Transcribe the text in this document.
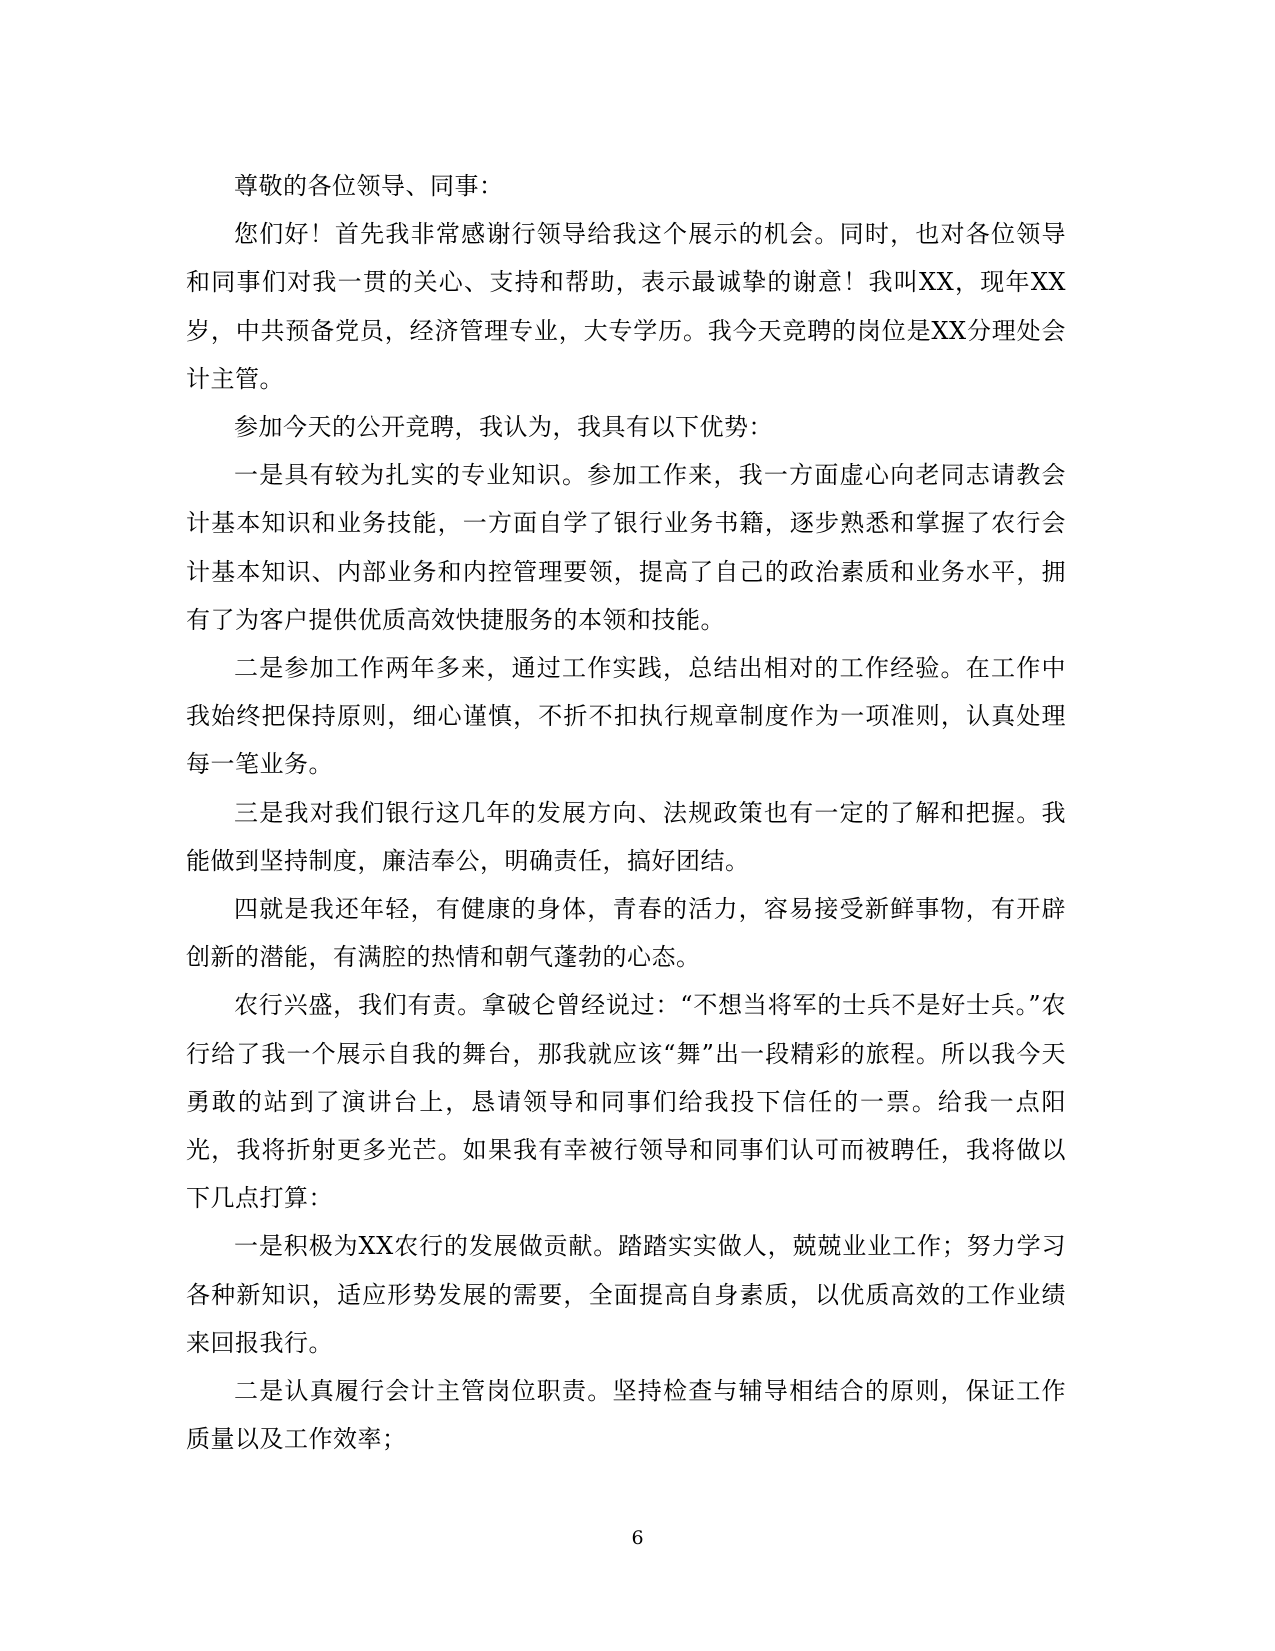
尊敬的各位领导、同事：

您们好！首先我非常感谢行领导给我这个展示的机会。同时，也对各位领导和同事们对我一贯的关心、支持和帮助，表示最诚挚的谢意！我叫XX，现年XX岁，中共预备党员，经济管理专业，大专学历。我今天竞聘的岗位是XX分理处会计主管。

参加今天的公开竞聘，我认为，我具有以下优势：

一是具有较为扎实的专业知识。参加工作来，我一方面虚心向老同志请教会计基本知识和业务技能，一方面自学了银行业务书籍，逐步熟悉和掌握了农行会计基本知识、内部业务和内控管理要领，提高了自己的政治素质和业务水平，拥有了为客户提供优质高效快捷服务的本领和技能。

二是参加工作两年多来，通过工作实践，总结出相对的工作经验。在工作中我始终把保持原则，细心谨慎，不折不扣执行规章制度作为一项准则，认真处理每一笔业务。

三是我对我们银行这几年的发展方向、法规政策也有一定的了解和把握。我能做到坚持制度，廉洁奉公，明确责任，搞好团结。

四就是我还年轻，有健康的身体，青春的活力，容易接受新鲜事物，有开辟创新的潜能，有满腔的热情和朝气蓬勃的心态。

农行兴盛，我们有责。拿破仑曾经说过：“不想当将军的士兵不是好士兵。”农行给了我一个展示自我的舞台，那我就应该“舞”出一段精彩的旅程。所以我今天勇敢的站到了演讲台上，恳请领导和同事们给我投下信任的一票。给我一点阳光，我将折射更多光芒。如果我有幸被行领导和同事们认可而被聘任，我将做以下几点打算：

一是积极为XX农行的发展做贡献。踏踏实实做人，兢兢业业工作；努力学习各种新知识，适应形势发展的需要，全面提高自身素质，以优质高效的工作业绩来回报我行。

二是认真履行会计主管岗位职责。坚持检查与辅导相结合的原则，保证工作质量以及工作效率；

6
